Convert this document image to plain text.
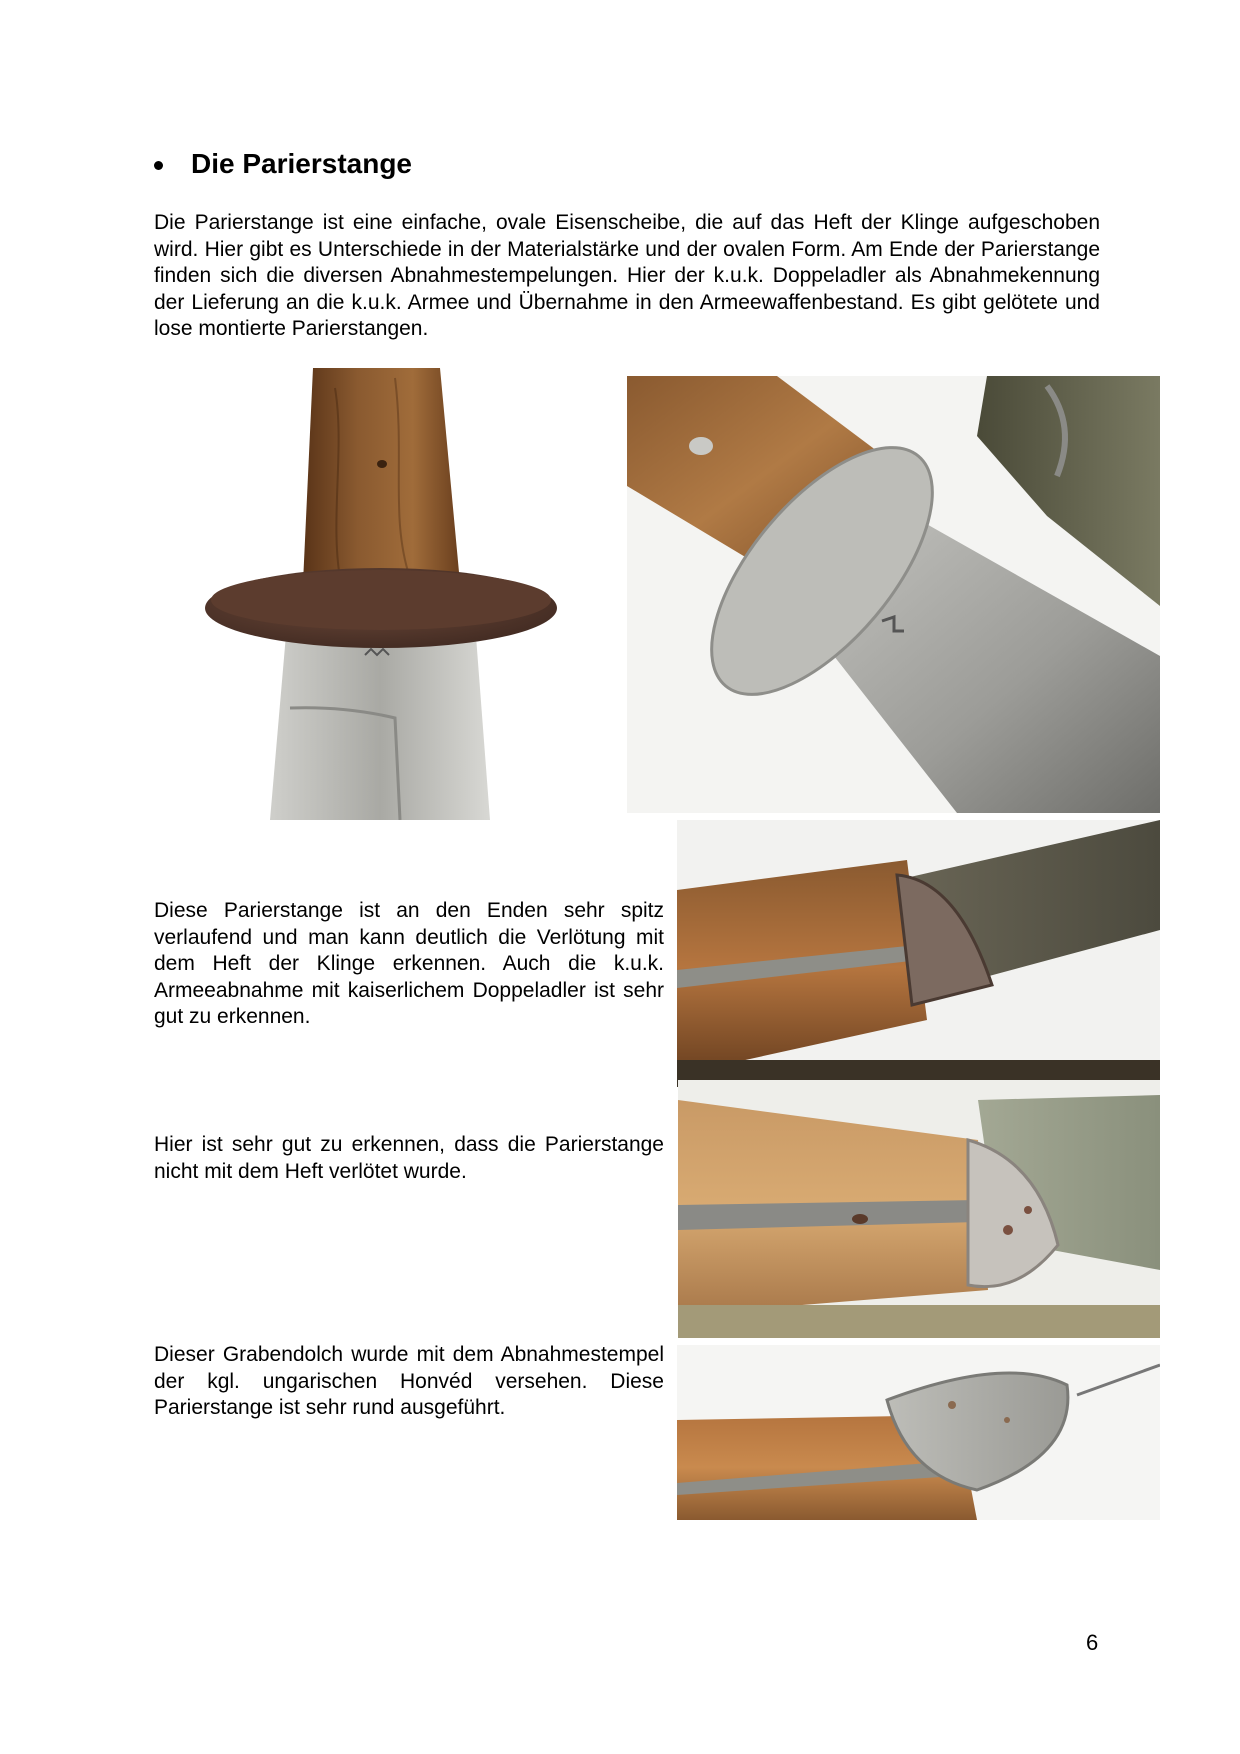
Die Parierstange

Die Parierstange ist eine einfache, ovale Eisenscheibe, die auf das Heft der Klinge aufgeschoben wird. Hier gibt es Unterschiede in der Materialstärke und der ovalen Form. Am Ende der Parierstange finden sich die diversen Abnahmestempelungen. Hier der k.u.k. Doppeladler als Abnahmekennung der Lieferung an die k.u.k. Armee und Übernahme in den Armeewaffenbestand. Es gibt gelötete und lose montierte Parierstangen.

Diese Parierstange ist an den Enden sehr spitz verlaufend und man kann deutlich die Verlötung mit dem Heft der Klinge erkennen. Auch die k.u.k. Armeeabnahme mit kaiserlichem Doppeladler ist sehr gut zu erkennen.

Hier ist sehr gut zu erkennen, dass die Parierstange nicht mit dem Heft verlötet wurde.

Dieser Grabendolch wurde mit dem Abnahmestempel der kgl. ungarischen Honvéd versehen. Diese Parierstange ist sehr rund ausgeführt.

6
